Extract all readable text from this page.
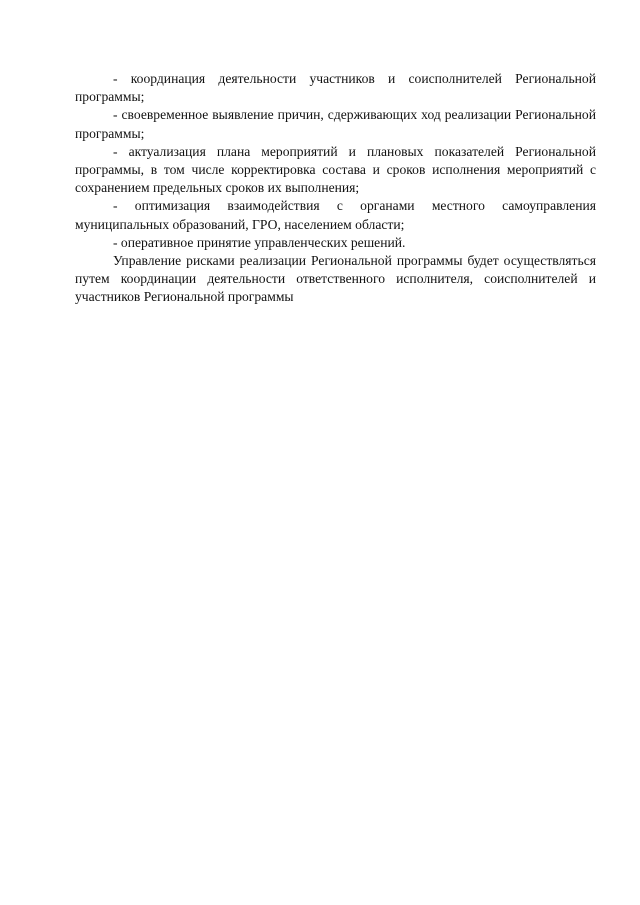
- координация деятельности участников и соисполнителей Региональной программы;

- своевременное выявление причин, сдерживающих ход реализации Региональной программы;

- актуализация плана мероприятий и плановых показателей Региональной программы, в том числе корректировка состава и сроков исполнения мероприятий с сохранением предельных сроков их выполнения;

- оптимизация взаимодействия с органами местного самоуправления муниципальных образований, ГРО, населением области;

- оперативное принятие управленческих решений.

Управление рисками реализации Региональной программы будет осуществляться путем координации деятельности ответственного исполнителя, соисполнителей и участников Региональной программы
